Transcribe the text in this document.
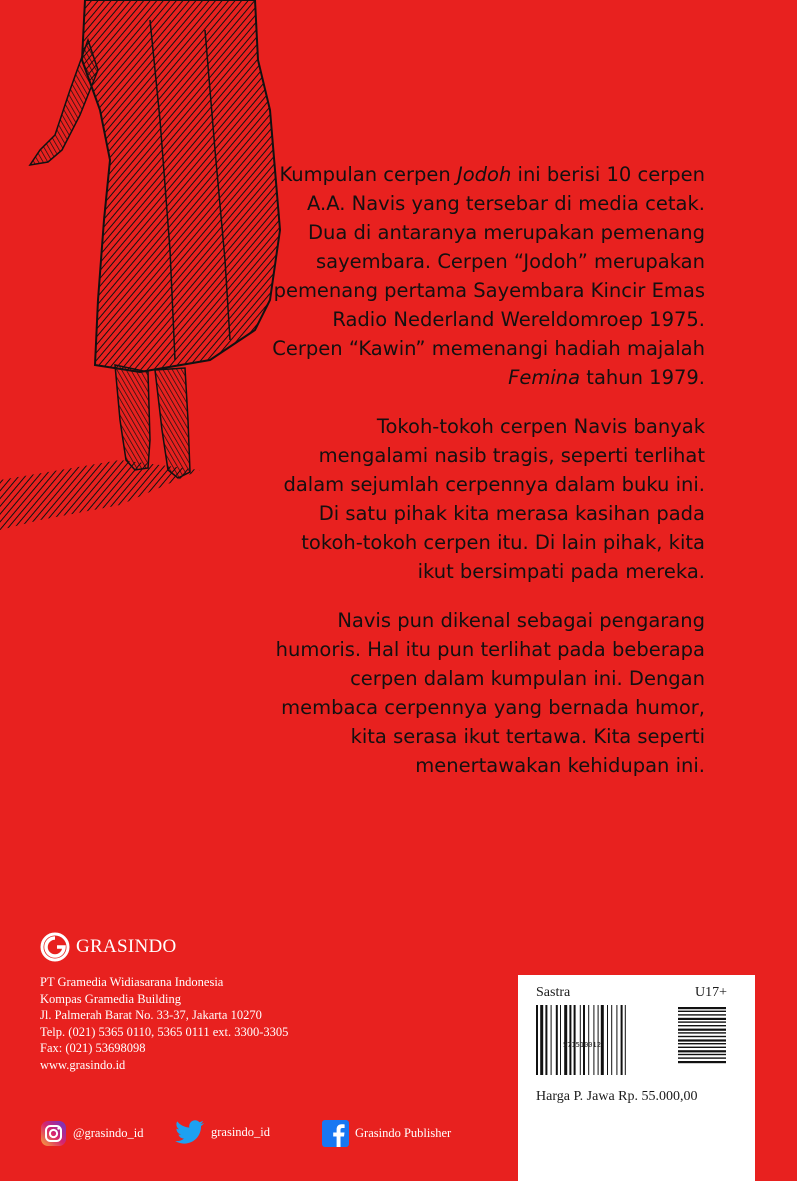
Kumpulan cerpen Jodoh ini berisi 10 cerpen A.A. Navis yang tersebar di media cetak. Dua di antaranya merupakan pemenang sayembara. Cerpen “Jodoh” merupakan pemenang pertama Sayembara Kincir Emas Radio Nederland Wereldomroep 1975. Cerpen “Kawin” memenangi hadiah majalah Femina tahun 1979.

Tokoh-tokoh cerpen Navis banyak mengalami nasib tragis, seperti terlihat dalam sejumlah cerpennya dalam buku ini. Di satu pihak kita merasa kasihan pada tokoh-tokoh cerpen itu. Di lain pihak, kita ikut bersimpati pada mereka.

Navis pun dikenal sebagai pengarang humoris. Hal itu pun terlihat pada beberapa cerpen dalam kumpulan ini. Dengan membaca cerpennya yang bernada humor, kita serasa ikut tertawa. Kita seperti menertawakan kehidupan ini.

GRASINDO
PT Gramedia Widiasarana Indonesia
Kompas Gramedia Building
Jl. Palmerah Barat No. 33-37, Jakarta 10270
Telp. (021) 5365 0110, 5365 0111 ext. 3300-3305
Fax: (021) 53698098
www.grasindo.id
@grasindo_id	grasindo_id	Grasindo Publisher
Sastra	U17+
571510012
Harga P. Jawa Rp. 55.000,00
